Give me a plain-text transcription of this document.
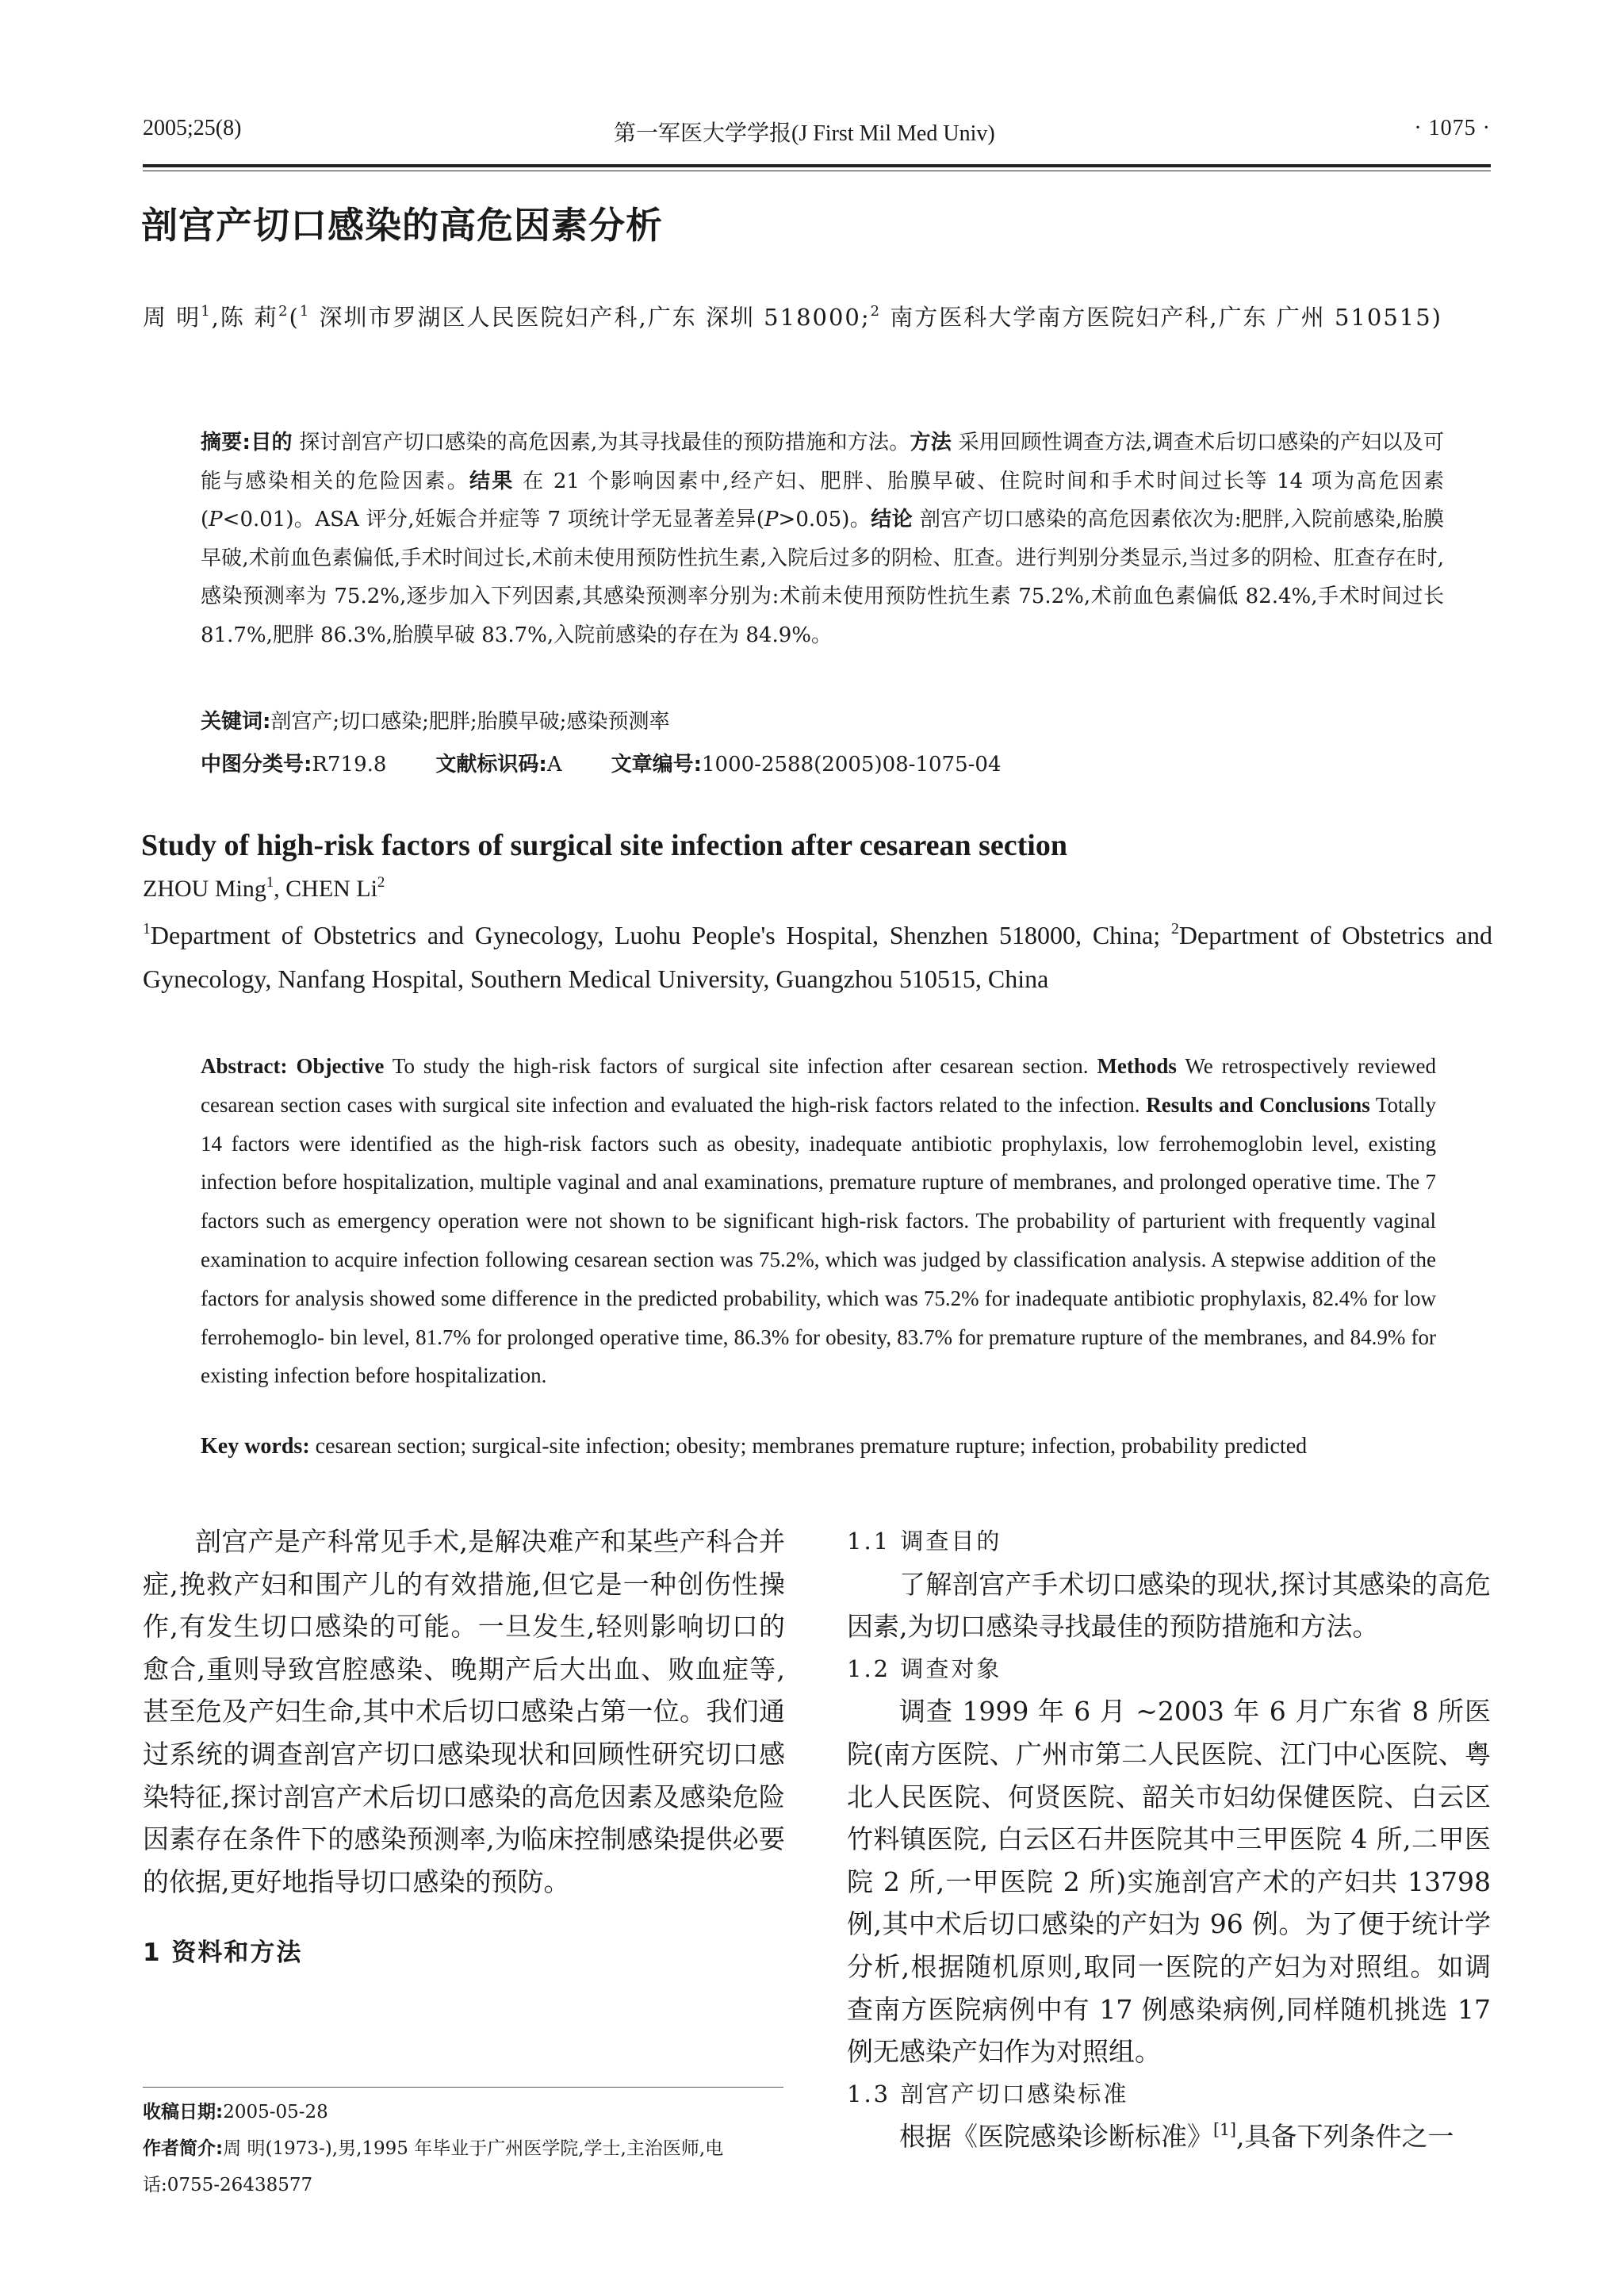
2005;25(8)	第一军医大学学报(J First Mil Med Univ)	· 1075 ·
剖宫产切口感染的高危因素分析
周 明$^1$,陈 莉$^2$($^1$ 深圳市罗湖区人民医院妇产科,广东 深圳 518000;$^2$ 南方医科大学南方医院妇产科,广东 广州 510515)
摘要:目的 探讨剖宫产切口感染的高危因素,为其寻找最佳的预防措施和方法。方法 采用回顾性调查方法,调查术后切口感染的产妇以及可能与感染相关的危险因素。结果 在 21 个影响因素中,经产妇、肥胖、胎膜早破、住院时间和手术时间过长等 14 项为高危因素(P<0.01)。ASA 评分,妊娠合并症等 7 项统计学无显著差异(P>0.05)。结论 剖宫产切口感染的高危因素依次为:肥胖,入院前感染,胎膜早破,术前血色素偏低,手术时间过长,术前未使用预防性抗生素,入院后过多的阴检、肛查。进行判别分类显示,当过多的阴检、肛查存在时,感染预测率为 75.2%,逐步加入下列因素,其感染预测率分别为:术前未使用预防性抗生素 75.2%,术前血色素偏低 82.4%,手术时间过长 81.7%,肥胖 86.3%,胎膜早破 83.7%,入院前感染的存在为 84.9%。
关键词:剖宫产;切口感染;肥胖;胎膜早破;感染预测率
中图分类号:R719.8 文献标识码:A 文章编号:1000-2588(2005)08-1075-04
Study of high-risk factors of surgical site infection after cesarean section
ZHOU Ming$^1$, CHEN Li$^2$
$^1$Department of Obstetrics and Gynecology, Luohu People's Hospital, Shenzhen 518000, China; $^2$Department of Obstetrics and Gynecology, Nanfang Hospital, Southern Medical University, Guangzhou 510515, China
Abstract: Objective To study the high-risk factors of surgical site infection after cesarean section. Methods We retrospectively reviewed cesarean section cases with surgical site infection and evaluated the high-risk factors related to the infection. Results and Conclusions Totally 14 factors were identified as the high-risk factors such as obesity, inadequate antibiotic prophylaxis, low ferrohemoglobin level, existing infection before hospitalization, multiple vaginal and anal examinations, premature rupture of membranes, and prolonged operative time. The 7 factors such as emergency operation were not shown to be significant high-risk factors. The probability of parturient with frequently vaginal examination to acquire infection following cesarean section was 75.2%, which was judged by classification analysis. A stepwise addition of the factors for analysis showed some difference in the predicted probability, which was 75.2% for inadequate antibiotic prophylaxis, 82.4% for low ferrohemoglo- bin level, 81.7% for prolonged operative time, 86.3% for obesity, 83.7% for premature rupture of the membranes, and 84.9% for existing infection before hospitalization.
Key words: cesarean section; surgical-site infection; obesity; membranes premature rupture; infection, probability predicted

剖宫产是产科常见手术,是解决难产和某些产科合并症,挽救产妇和围产儿的有效措施,但它是一种创伤性操作,有发生切口感染的可能。一旦发生,轻则影响切口的愈合,重则导致宫腔感染、晚期产后大出血、败血症等,甚至危及产妇生命,其中术后切口感染占第一位。我们通过系统的调查剖宫产切口感染现状和回顾性研究切口感染特征,探讨剖宫产术后切口感染的高危因素及感染危险因素存在条件下的感染预测率,为临床控制感染提供必要的依据,更好地指导切口感染的预防。

1 资料和方法

1.1 调查目的

了解剖宫产手术切口感染的现状,探讨其感染的高危因素,为切口感染寻找最佳的预防措施和方法。

1.2 调查对象

调查 1999 年 6 月 ~2003 年 6 月广东省 8 所医院(南方医院、广州市第二人民医院、江门中心医院、粤北人民医院、何贤医院、韶关市妇幼保健医院、白云区竹料镇医院, 白云区石井医院其中三甲医院 4 所,二甲医院 2 所,一甲医院 2 所)实施剖宫产术的产妇共 13798 例,其中术后切口感染的产妇为 96 例。为了便于统计学分析,根据随机原则,取同一医院的产妇为对照组。如调查南方医院病例中有 17 例感染病例,同样随机挑选 17 例无感染产妇作为对照组。

1.3 剖宫产切口感染标准

根据《医院感染诊断标准》[1],具备下列条件之一

收稿日期:2005-05-28
作者简介:周 明(1973-),男,1995 年毕业于广州医学院,学士,主治医师,电话:0755-26438577
